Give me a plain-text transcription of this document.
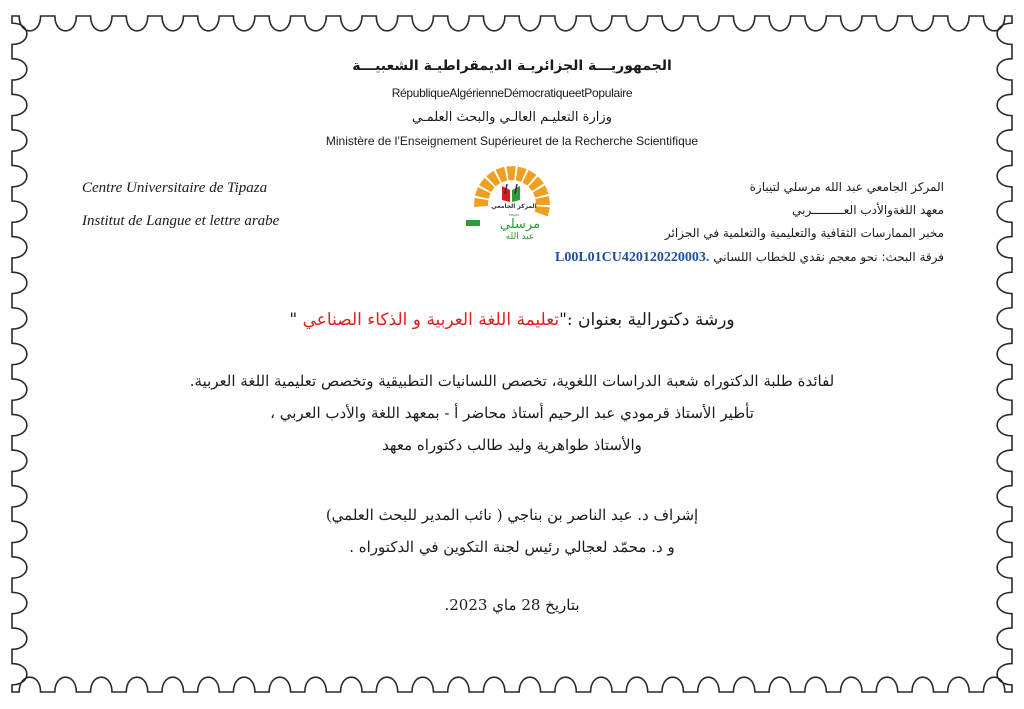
الجمهوريـــة الجزائريـة الديمقراطيـة الشعبيـــة
RépubliqueAlgérienneDémocratiqueetPopulaire
وزارة التعليـم العالـي والبحث العلمـي
Ministère de l’Enseignement Supérieuret de la Recherche Scientifique
Centre Universitaire de Tipaza
Institut de Langue et lettre arabe
المركز الجامعي
TIPAZA
مرسلي
عبد الله
المركز الجامعي عبد الله مرسلي لتيبازة
معهد اللغةوالأدب العـــــــــربي
مخبر الممارسات الثقافية والتعليمية والتعلمية في الجزائر
فرقة البحث: نحو معجم نقدي للخطاب اللساني .L00L01CU420120220003
ورشة دكتورالية بعنوان :"تعليمة اللغة العربية و الذكاء الصناعي "
لفائدة طلبة الدكتوراه شعبة الدراسات اللغوية، تخصص اللسانيات التطبيقية وتخصص تعليمية اللغة العربية.
تأطير الأستاذ قرمودي عبد الرحيم أستاذ محاضر أ - بمعهد اللغة والأدب العربي ،
والأستاذ طواهرية وليد طالب دكتوراه معهد
إشراف د. عبد الناصر بن بناجي ( نائب المدير للبحث العلمي)
و د. محمّد لعجالي رئيس لجنة التكوين في الدكتوراه .
بتاريخ 28 ماي 2023.
